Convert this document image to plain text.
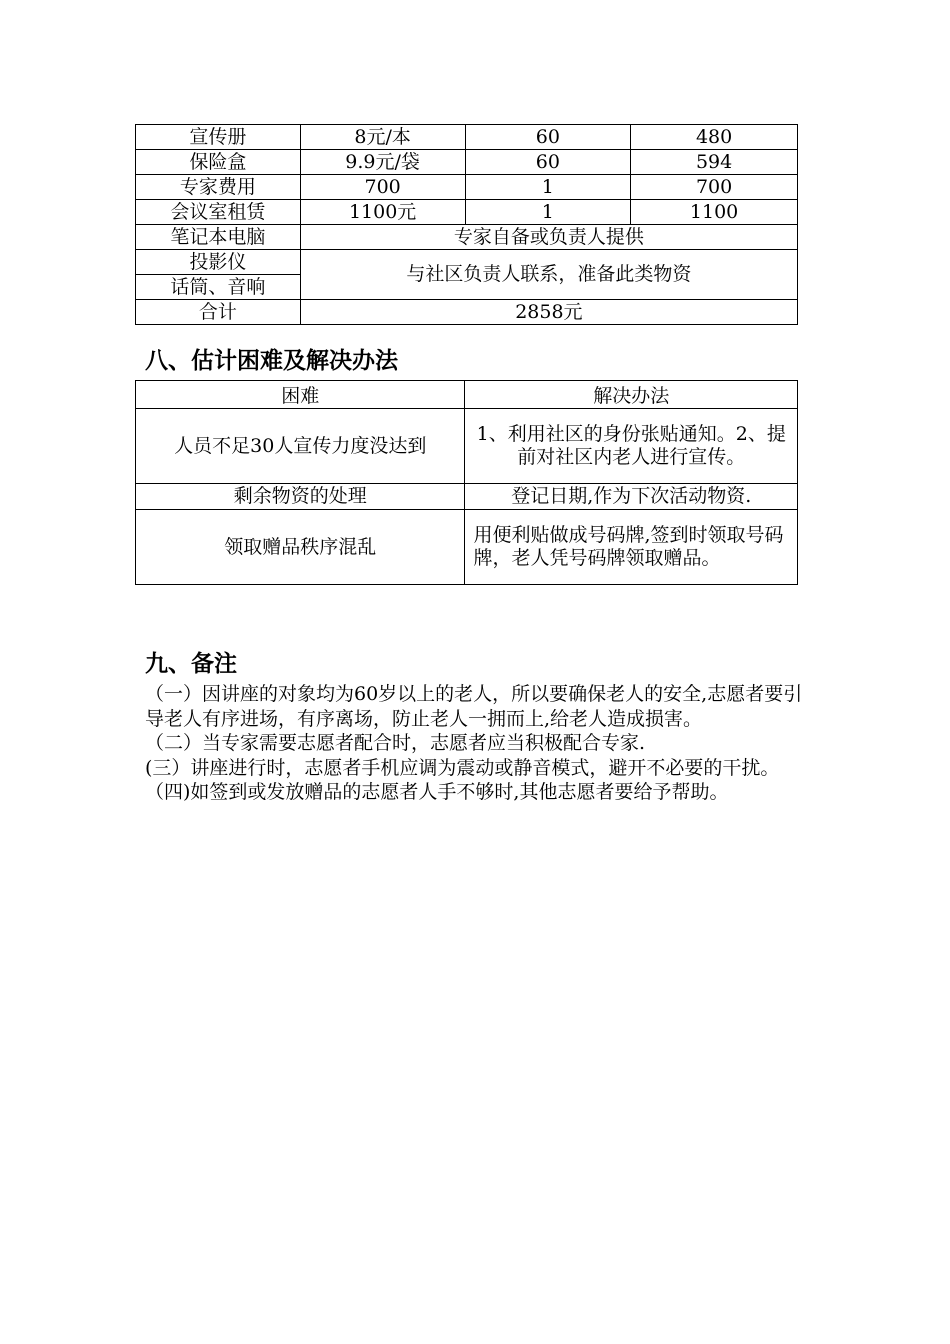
宣传册	8元/本	60	480
保险盒	9.9元/袋	60	594
专家费用	700	1	700
会议室租赁	1100元	1	1100
笔记本电脑	专家自备或负责人提供		
投影仪	与社区负责人联系，准备此类物资		
话筒、音响			
合计	2858元		
八、估计困难及解决办法
困难	解决办法
人员不足30人宣传力度没达到	1、利用社区的身份张贴通知。2、提前对社区内老人进行宣传。
剩余物资的处理	登记日期,作为下次活动物资.
领取赠品秩序混乱	用便利贴做成号码牌,签到时领取号码牌，老人凭号码牌领取赠品。
九、备注

（一）因讲座的对象均为60岁以上的老人，所以要确保老人的安全,志愿者要引导老人有序进场，有序离场，防止老人一拥而上,给老人造成损害。

（二）当专家需要志愿者配合时，志愿者应当积极配合专家.

(三）讲座进行时，志愿者手机应调为震动或静音模式，避开不必要的干扰。

（四)如签到或发放赠品的志愿者人手不够时,其他志愿者要给予帮助。
